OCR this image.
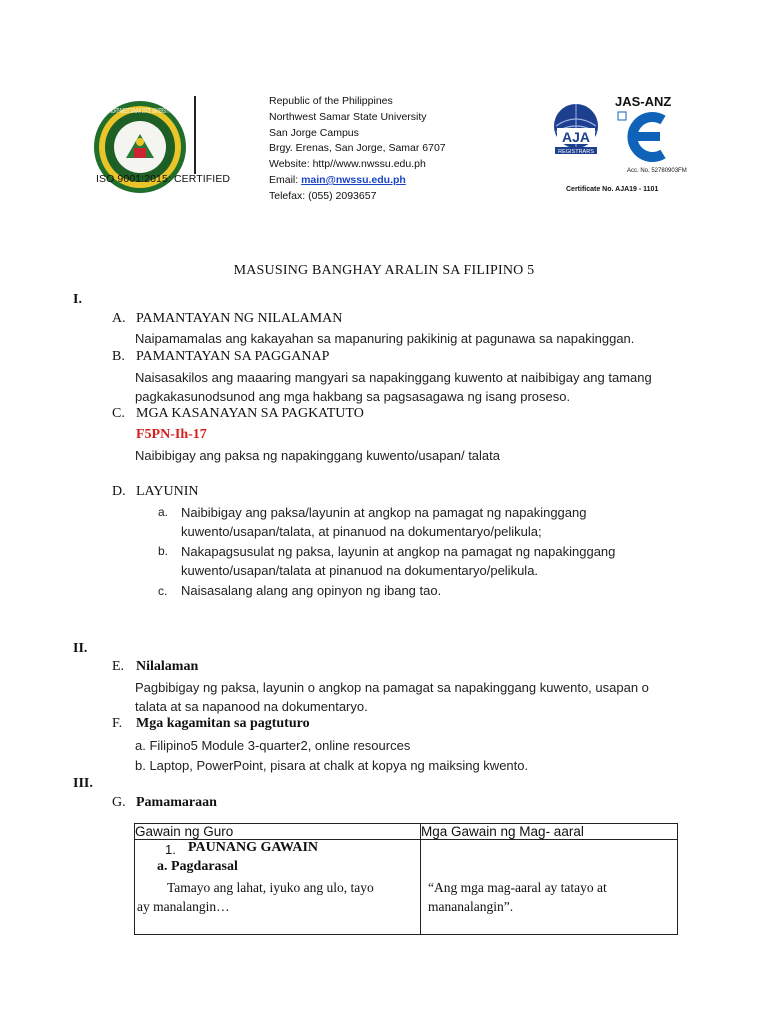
NORTHWEST SAMAR STATE UNIVERSITY
ISO 9001:2015: CERTIFIED
Republic of the Philippines
Northwest Samar State University
San Jorge Campus
Brgy. Erenas, San Jorge, Samar 6707
Website: http//www.nwssu.edu.ph
Email: main@nwssu.edu.ph
Telefax: (055) 2093657
AJA
REGISTRARS
JAS-ANZ
Acc. No. 52780903FM
Certificate No. AJA19 - 1101
MASUSING BANGHAY ARALIN SA FILIPINO 5
I.
A. PAMANTAYAN NG NILALAMAN
Naipamamalas ang kakayahan sa mapanuring pakikinig at pagunawa sa napakinggan.
B. PAMANTAYAN SA PAGGANAP
Naisasakilos ang maaaring mangyari sa napakinggang kuwento at naibibigay ang tamang
pagkakasunodsunod ang mga hakbang sa pagsasagawa ng isang proseso.
C. MGA KASANAYAN SA PAGKATUTO
F5PN-Ih-17
Naibibigay ang paksa ng napakinggang kuwento/usapan/ talata
D. LAYUNIN
a. Naibibigay ang paksa/layunin at angkop na pamagat ng napakinggang
kuwento/usapan/talata, at pinanuod na dokumentaryo/pelikula;
b. Nakapagsusulat ng paksa, layunin at angkop na pamagat ng napakinggang
kuwento/usapan/talata at pinanuod na dokumentaryo/pelikula.
c. Naisasalang alang ang opinyon ng ibang tao.
II.
E. Nilalaman
Pagbibigay ng paksa, layunin o angkop na pamagat sa napakinggang kuwento, usapan o
talata at sa napanood na dokumentaryo.
F. Mga kagamitan sa pagtuturo
a. Filipino5 Module 3-quarter2, online resources
b. Laptop, PowerPoint, pisara at chalk at kopya ng maiksing kwento.
III.
G. Pamamaraan
Gawain ng Guro	Mga Gawain ng Mag- aaral

1. PAUNANG GAWAIN
a. Pagdarasal
Tamayo ang lahat, iyuko ang ulo, tayo
ay manalangin…	“Ang mga mag-aaral ay tatayo at
mananalangin”.
